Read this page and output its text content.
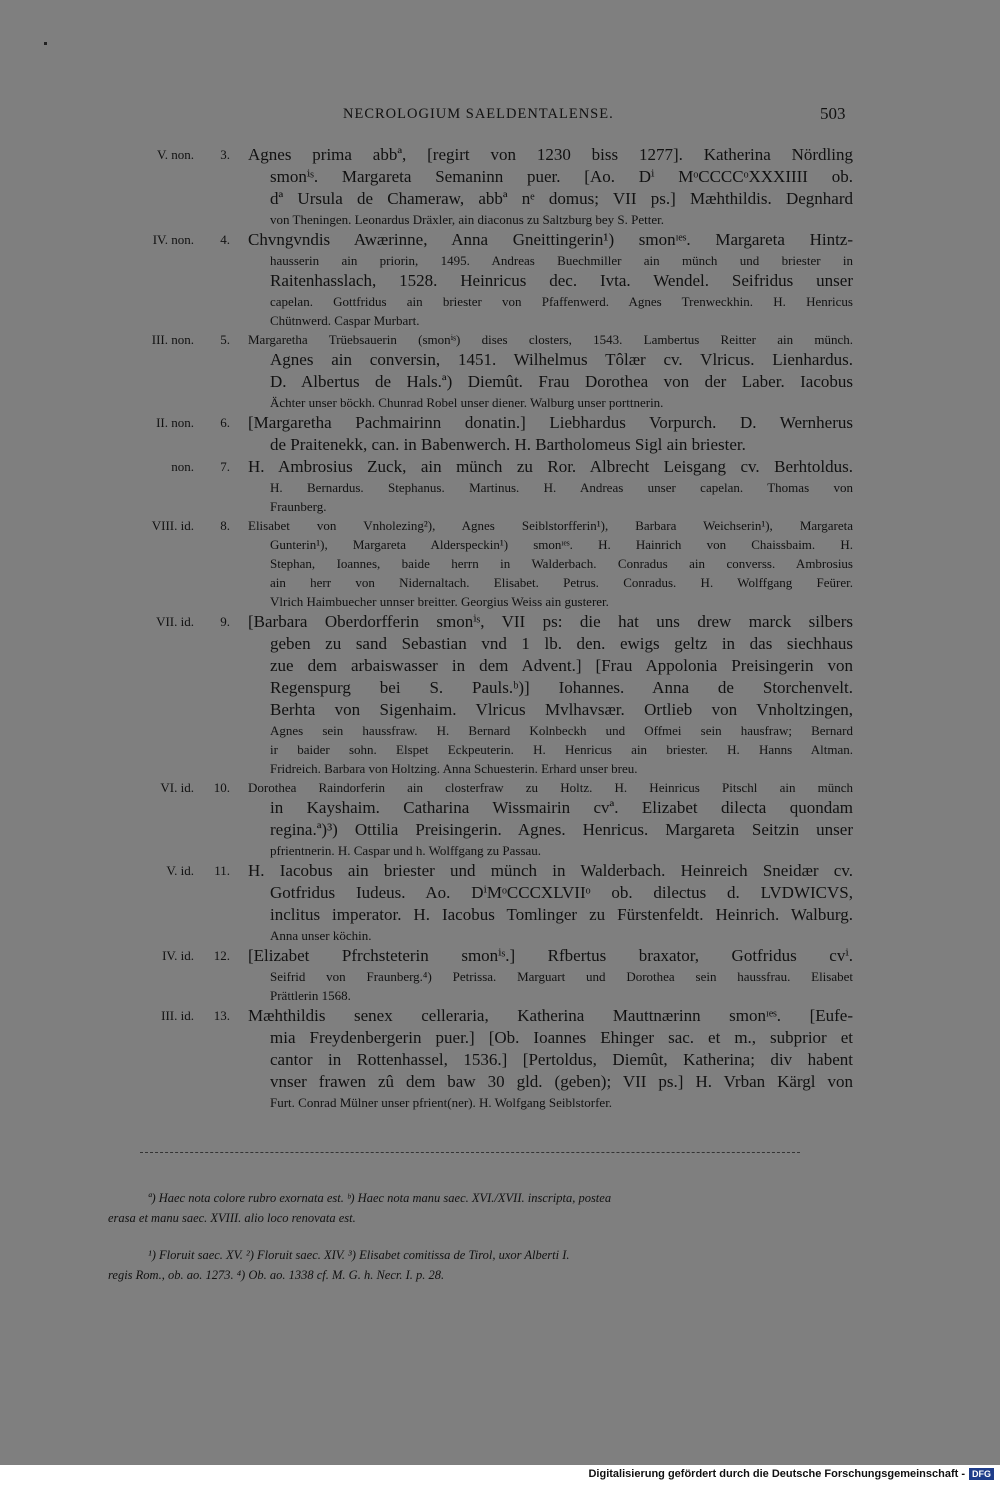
NECROLOGIUM SAELDENTALENSE.	503
V. non.	3. Agnes prima abbª, [regirt von 1230 biss 1277]. Katherina Nördling
smonⁱˢ. Margareta Semaninn puer. [Ao. Dⁱ MᵒCCCCᵒXXXIIII ob.
dª Ursula de Chameraw, abbª nᵉ domus; VII ps.] Mæhthildis. Degnhard
von Theningen. Leonardus Dräxler, ain diaconus zu Saltzburg bey S. Petter.
IV. non.	4. Chvngvndis Awærinne, Anna Gneittingerin¹) smonᶦᵉˢ. Margareta Hintz-
hausserin ain priorin, 1495. Andreas Buechmiller ain münch und briester in
Raitenhasslach, 1528. Heinricus dec. Ivta. Wendel. Seifridus unser
capelan. Gottfridus ain briester von Pfaffenwerd. Agnes Trenweckhin. H. Henricus
Chütnwerd. Caspar Murbart.
III. non.	5. Margaretha Trüebsauerin (smonⁱˢ) dises closters, 1543. Lambertus Reitter ain münch.
Agnes ain conversin, 1451. Wilhelmus Tôlær cv. Vlricus. Lienhardus.
D. Albertus de Hals.ª) Diemût. Frau Dorothea von der Laber. Iacobus
Ächter unser böckh. Chunrad Robel unser diener. Walburg unser porttnerin.
II. non.	6. [Margaretha Pachmairinn donatin.] Liebhardus Vorpurch. D. Wernherus
de Praitenekk, can. in Babenwerch. H. Bartholomeus Sigl ain briester.
non.	7. H. Ambrosius Zuck, ain münch zu Ror. Albrecht Leisgang cv. Berhtoldus.
H. Bernardus. Stephanus. Martinus. H. Andreas unser capelan. Thomas von
Fraunberg.
VIII. id.	8. Elisabet von Vnholezing²), Agnes Seiblstorfferin¹), Barbara Weichserin¹), Margareta
Gunterin¹), Margareta Alderspeckin¹) smonᶦᵉˢ. H. Hainrich von Chaissbaim. H.
Stephan, Ioannes, baide herrn in Walderbach. Conradus ain converss. Ambrosius
ain herr von Nidernaltach. Elisabet. Petrus. Conradus. H. Wolffgang Feürer.
Vlrich Haimbuecher unnser breitter. Georgius Weiss ain gusterer.
VII. id.	9. [Barbara Oberdorfferin smonⁱˢ, VII ps: die hat uns drew marck silbers
geben zu sand Sebastian vnd 1 lb. den. ewigs geltz in das siechhaus
zue dem arbaiswasser in dem Advent.] [Frau Appolonia Preisingerin von
Regenspurg bei S. Pauls.ᵇ)] Iohannes. Anna de Storchenvelt.
Berhta von Sigenhaim. Vlricus Mvlhavsær. Ortlieb von Vnholtzingen,
Agnes sein haussfraw. H. Bernard Kolnbeckh und Offmei sein hausfraw; Bernard
ir baider sohn. Elspet Eckpeuterin. H. Henricus ain briester. H. Hanns Altman.
Fridreich. Barbara von Holtzing. Anna Schuesterin. Erhard unser breu.
VI. id.	10. Dorothea Raindorferin ain closterfraw zu Holtz. H. Heinricus Pitschl ain münch
in Kayshaim. Catharina Wissmairin cvª. Elizabet dilecta quondam
regina.ª)³) Ottilia Preisingerin. Agnes. Henricus. Margareta Seitzin unser
pfrientnerin. H. Caspar und h. Wolffgang zu Passau.
V. id.	11. H. Iacobus ain briester und münch in Walderbach. Heinreich Sneidær cv.
Gotfridus Iudeus. Ao. DⁱMᵒCCCXLVIIᵒ ob. dilectus d. LVDWICVS,
inclitus imperator. H. Iacobus Tomlinger zu Fürstenfeldt. Heinrich. Walburg.
Anna unser köchin.
IV. id.	12. [Elizabet Pfrchsteterin smonⁱˢ.] Rfbertus braxator, Gotfridus cvⁱ.
Seifrid von Fraunberg.⁴) Petrissa. Marguart und Dorothea sein haussfrau. Elisabet
Prättlerin 1568.
III. id.	13. Mæhthildis senex celleraria, Katherina Mauttnærinn smonᶦᵉˢ. [Eufe-
mia Freydenbergerin puer.] [Ob. Ioannes Ehinger sac. et m., subprior et
cantor in Rottenhassel, 1536.] [Pertoldus, Diemût, Katherina; div habent
vnser frawen zû dem baw 30 gld. (geben); VII ps.] H. Vrban Kärgl von
Furt. Conrad Mülner unser pfrient(ner). H. Wolfgang Seiblstorfer.
ª) Haec nota colore rubro exornata est. ᵇ) Haec nota manu saec. XVI./XVII. inscripta, postea
erasa et manu saec. XVIII. alio loco renovata est.
¹) Floruit saec. XV. ²) Floruit saec. XIV. ³) Elisabet comitissa de Tirol, uxor Alberti I.
regis Rom., ob. ao. 1273. ⁴) Ob. ao. 1338 cf. M. G. h. Necr. I. p. 28.
Digitalisierung gefördert durch die Deutsche Forschungsgemeinschaft - DFG
